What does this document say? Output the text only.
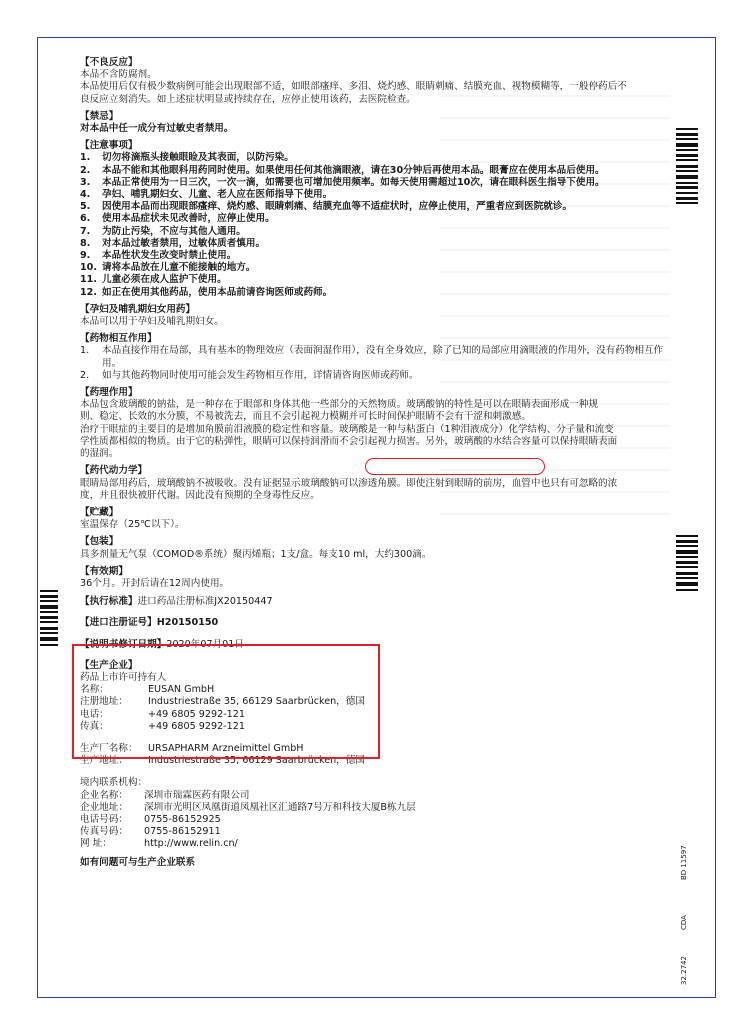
BD 11597
CDA
32.2742
【不良反应】
本品不含防腐剂。
本品使用后仅有极少数病例可能会出现眼部不适，如眼部瘙痒、多泪、烧灼感、眼睛刺痛、结膜充血、视物模糊等，一般停药后不
良反应立刻消失。如上述症状明显或持续存在，应停止使用该药，去医院检查。
【禁忌】
对本品中任一成分有过敏史者禁用。
【注意事项】
1.	切勿将滴瓶头接触眼睑及其表面，以防污染。
2.	本品不能和其他眼科用药同时使用。如果使用任何其他滴眼液，请在30分钟后再使用本品。眼膏应在使用本品后使用。
3.	本品正常使用为一日三次，一次一滴，如需要也可增加使用频率。如每天使用需超过10次，请在眼科医生指导下使用。
4.	孕妇、哺乳期妇女、儿童、老人应在医师指导下使用。
5.	因使用本品而出现眼部瘙痒、烧灼感、眼睛刺痛、结膜充血等不适症状时，应停止使用，严重者应到医院就诊。
6.	使用本品症状未见改善时，应停止使用。
7.	为防止污染，不应与其他人通用。
8.	对本品过敏者禁用，过敏体质者慎用。
9.	本品性状发生改变时禁止使用。
10. 请将本品放在儿童不能接触的地方。
11. 儿童必须在成人监护下使用。
12. 如正在使用其他药品，使用本品前请咨询医师或药师。
【孕妇及哺乳期妇女用药】
本品可以用于孕妇及哺乳期妇女。
【药物相互作用】
1.	本品直接作用在局部，具有基本的物理效应（表面润湿作用），没有全身效应，除了已知的局部应用滴眼液的作用外，没有药物相互作用。
2.	如与其他药物同时使用可能会发生药物相互作用，详情请咨询医师或药师。
【药理作用】
本品包含玻璃酸的钠盐，是一种存在于眼部和身体其他一些部分的天然物质。玻璃酸钠的特性是可以在眼睛表面形成一种规
则、稳定、长效的水分膜，不易被洗去，而且不会引起视力模糊并可长时间保护眼睛不会有干涩和刺激感。
治疗干眼症的主要目的是增加角膜前泪液膜的稳定性和容量。玻璃酸是一种与粘蛋白（1种泪液成分）化学结构、分子量和流变
学性质都相似的物质。由于它的粘弹性，眼睛可以保持润滑而不会引起视力损害。另外，玻璃酸的水结合容量可以保持眼睛表面
的湿润。
【药代动力学】
眼睛局部用药后，玻璃酸钠不被吸收。没有证据显示玻璃酸钠可以渗透角膜。即使注射到眼睛的前房，血管中也只有可忽略的浓
度，并且很快被肝代谢。因此没有预期的全身毒性反应。
【贮藏】
室温保存（25℃以下）。
【包装】
具多剂量无气泵（COMOD®系统）聚丙烯瓶；1支/盒。每支10 ml，大约300滴。
【有效期】
36个月。开封后请在12周内使用。
【执行标准】进口药品注册标准JX20150447
【进口注册证号】H20150150
【说明书修订日期】2020年07月01日
【生产企业】
药品上市许可持有人
名称：	EUSAN GmbH
注册地址：	Industriestraße 35, 66129 Saarbrücken，德国
电话：	+49 6805 9292-121
传真：	+49 6805 9292-121
生产厂名称：	URSAPHARM Arzneimittel GmbH
生产地址：	Industriestraße 35, 66129 Saarbrücken，德国
境内联系机构：
企业名称：	深圳市瑞霖医药有限公司
企业地址：	深圳市光明区凤凰街道凤凰社区汇通路7号万和科技大厦B栋九层
电话号码：	0755-86152925
传真号码：	0755-86152911
网 址：	http://www.relin.cn/
如有问题可与生产企业联系
